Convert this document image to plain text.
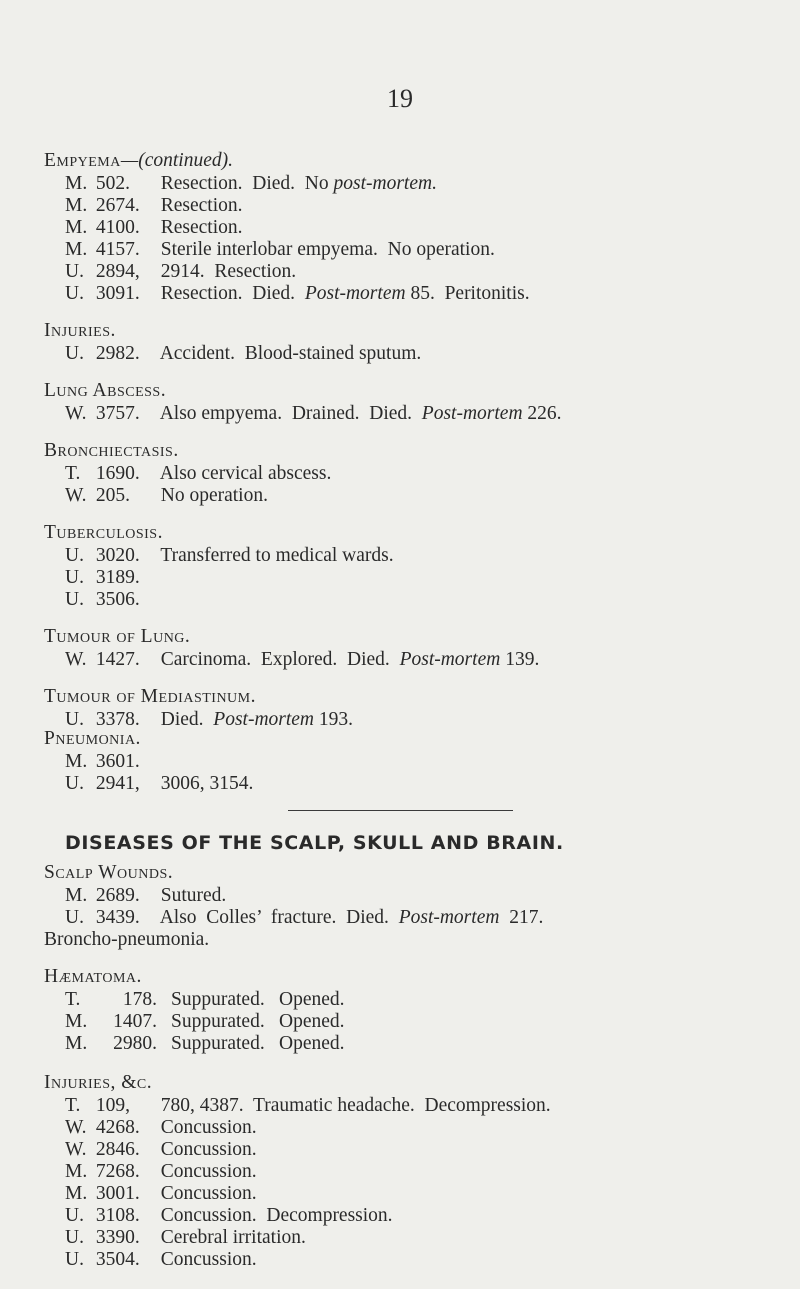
19
Empyema—(continued).
M. 502. Resection.  Died.  No post-mortem.
M. 2674. Resection.
M. 4100. Resection.
M. 4157. Sterile interlobar empyema.  No operation.
U. 2894, 2914.  Resection.
U. 3091. Resection.  Died.  Post-mortem 85.  Peritonitis.
Injuries.
U. 2982. Accident.  Blood-stained sputum.
Lung Abscess.
W. 3757. Also empyema.  Drained.  Died.  Post-mortem 226.
Bronchiectasis.
T. 1690. Also cervical abscess.
W. 205. No operation.
Tuberculosis.
U. 3020. Transferred to medical wards.
U. 3189.
U. 3506.
Tumour of Lung.
W. 1427. Carcinoma.  Explored.  Died.  Post-mortem 139.
Tumour of Mediastinum.
U. 3378. Died.  Post-mortem 193.
Pneumonia.
M. 3601.
U. 2941, 3006, 3154.
DISEASES OF THE SCALP, SKULL AND BRAIN.
Scalp Wounds.
M. 2689. Sutured.
U. 3439. Also  Colles’  fracture.  Died.  Post-mortem  217.
Broncho-pneumonia.
Hæmatoma.
T. 178. Suppurated. Opened.
M. 1407. Suppurated. Opened.
M. 2980. Suppurated. Opened.
Injuries, &c.
T. 109, 780, 4387.  Traumatic headache.  Decompression.
W. 4268. Concussion.
W. 2846. Concussion.
M. 7268. Concussion.
M. 3001. Concussion.
U. 3108. Concussion.  Decompression.
U. 3390. Cerebral irritation.
U. 3504. Concussion.
